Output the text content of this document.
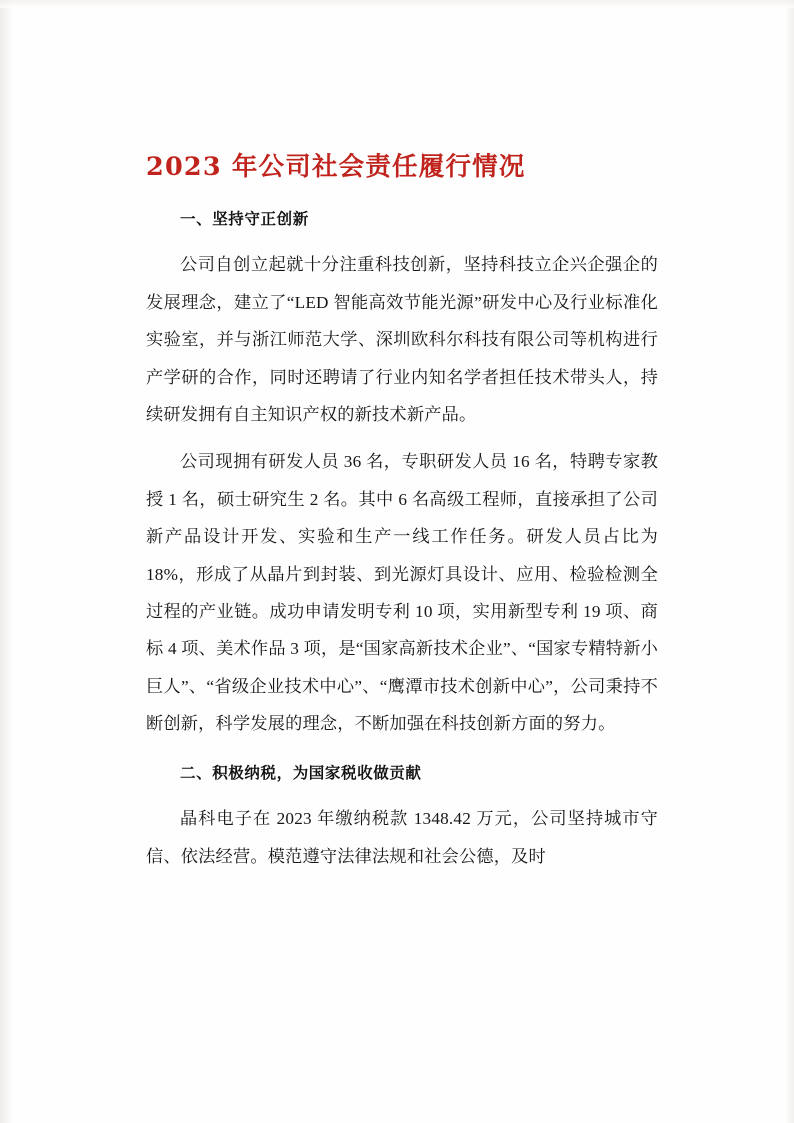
2023 年公司社会责任履行情况
一、坚持守正创新

公司自创立起就十分注重科技创新，坚持科技立企兴企强企的发展理念，建立了“LED 智能高效节能光源”研发中心及行业标准化实验室，并与浙江师范大学、深圳欧科尔科技有限公司等机构进行产学研的合作，同时还聘请了行业内知名学者担任技术带头人，持续研发拥有自主知识产权的新技术新产品。

公司现拥有研发人员 36 名，专职研发人员 16 名，特聘专家教授 1 名，硕士研究生 2 名。其中 6 名高级工程师，直接承担了公司新产品设计开发、实验和生产一线工作任务。研发人员占比为 18%，形成了从晶片到封装、到光源灯具设计、应用、检验检测全过程的产业链。成功申请发明专利 10 项，实用新型专利 19 项、商标 4 项、美术作品 3 项，是“国家高新技术企业”、“国家专精特新小巨人”、“省级企业技术中心”、“鹰潭市技术创新中心”，公司秉持不断创新，科学发展的理念，不断加强在科技创新方面的努力。

二、积极纳税，为国家税收做贡献

晶科电子在 2023 年缴纳税款 1348.42 万元，公司坚持城市守信、依法经营。模范遵守法律法规和社会公德，及时
